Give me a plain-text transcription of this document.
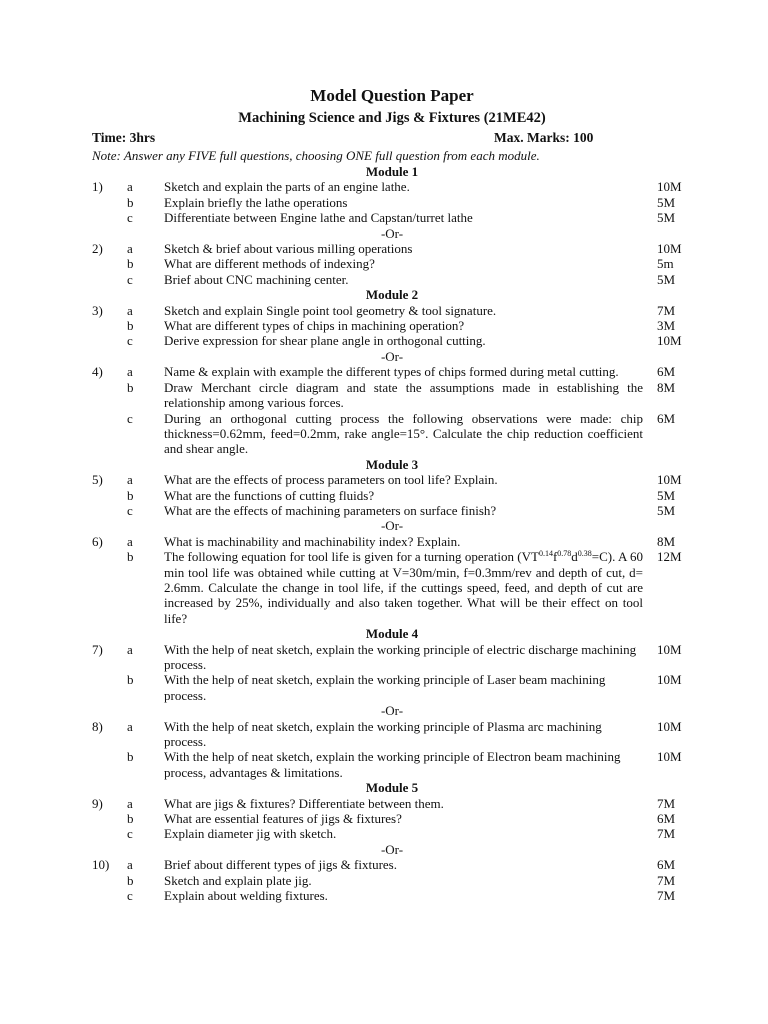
Model Question Paper
Machining Science and Jigs & Fixtures (21ME42)
Time: 3hrs	Max. Marks: 100
Note: Answer any FIVE full questions, choosing ONE full question from each module.
Module 1
1)	a	Sketch and explain the parts of an engine lathe.	10M
b	Explain briefly the lathe operations	5M
c	Differentiate between Engine lathe and Capstan/turret lathe	5M
-Or-
2)	a	Sketch & brief about various milling operations	10M
b	What are different methods of indexing?	5m
c	Brief about CNC machining center.	5M
Module 2
3)	a	Sketch and explain Single point tool geometry & tool signature.	7M
b	What are different types of chips in machining operation?	3M
c	Derive expression for shear plane angle in orthogonal cutting.	10M
-Or-
4)	a	Name & explain with example the different types of chips formed during metal cutting.	6M
b	Draw Merchant circle diagram and state the assumptions made in establishing the relationship among various forces.
8M
c	During an orthogonal cutting process the following observations were made: chip thickness=0.62mm, feed=0.2mm, rake angle=15°. Calculate the chip reduction coefficient and shear angle.
6M
Module 3
5)	a	What are the effects of process parameters on tool life? Explain.	10M
b	What are the functions of cutting fluids?	5M
c	What are the effects of machining parameters on surface finish?	5M
-Or-
6)	a	What is machinability and machinability index? Explain.	8M
b	The following equation for tool life is given for a turning operation $(VT^{0.14}f^{0.78}d^{0.38}=C)$. A 60 min tool life was obtained while cutting at V=30m/min, f=0.3mm/rev and depth of cut, d= 2.6mm. Calculate the change in tool life, if the cuttings speed, feed, and depth of cut are increased by 25%, individually and also taken together. What will be their effect on tool life?
12M
Module 4
7)	a	With the help of neat sketch, explain the working principle of electric discharge machining process.
10M
b	With the help of neat sketch, explain the working principle of Laser beam machining process.
10M
-Or-
8)	a	With the help of neat sketch, explain the working principle of Plasma arc machining process.
10M
b	With the help of neat sketch, explain the working principle of Electron beam machining process, advantages & limitations.
10M
Module 5
9)	a	What are jigs & fixtures? Differentiate between them.	7M
b	What are essential features of jigs & fixtures?	6M
c	Explain diameter jig with sketch.	7M
-Or-
10)	a	Brief about different types of jigs & fixtures.	6M
b	Sketch and explain plate jig.	7M
c	Explain about welding fixtures.	7M
